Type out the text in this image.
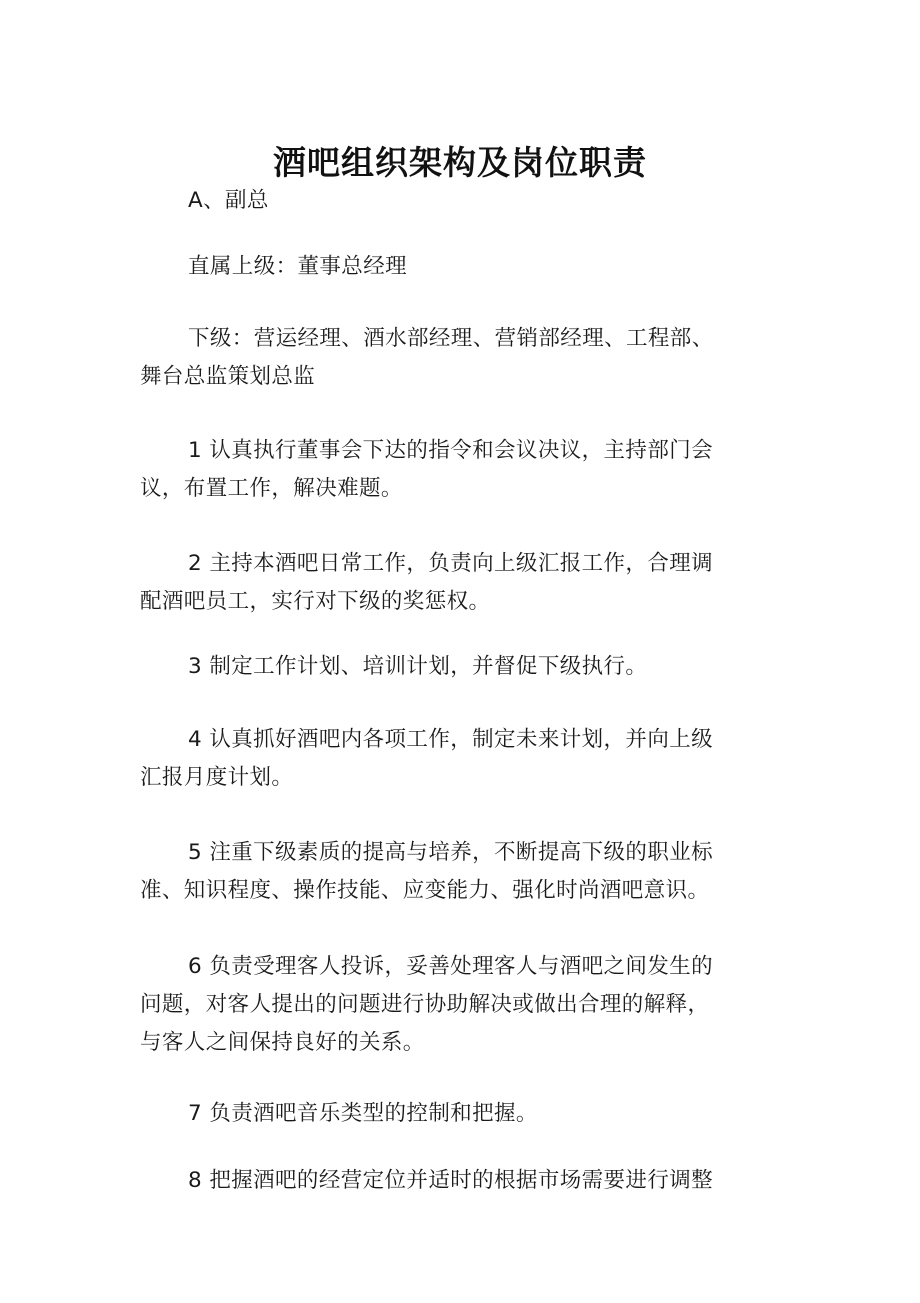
酒吧组织架构及岗位职责

A、副总

直属上级：董事总经理

下级：营运经理、酒水部经理、营销部经理、工程部、舞台总监策划总监

1 认真执行董事会下达的指令和会议决议，主持部门会议，布置工作，解决难题。

2 主持本酒吧日常工作，负责向上级汇报工作，合理调配酒吧员工，实行对下级的奖惩权。

3 制定工作计划、培训计划，并督促下级执行。

4 认真抓好酒吧内各项工作，制定未来计划，并向上级汇报月度计划。

5 注重下级素质的提高与培养，不断提高下级的职业标准、知识程度、操作技能、应变能力、强化时尚酒吧意识。

6 负责受理客人投诉，妥善处理客人与酒吧之间发生的问题，对客人提出的问题进行协助解决或做出合理的解释，与客人之间保持良好的关系。

7 负责酒吧音乐类型的控制和把握。

8 把握酒吧的经营定位并适时的根据市场需要进行调整
